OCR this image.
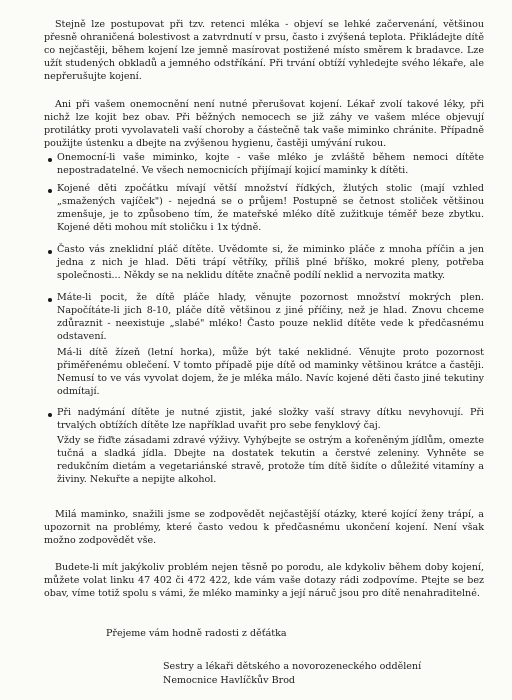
Stejně lze postupovat při tzv. retenci mléka - objeví se lehké začervenání, většinou přesně ohraničená bolestivost a zatvrdnutí v prsu, často i zvýšená teplota. Přikládejte dítě co nejčastěji, během kojení lze jemně masírovat postižené místo směrem k bradavce. Lze užít studených obkladů a jemného odstříkání. Při trvání obtíží vyhledejte svého lékaře, ale nepřerušujte kojení.

Ani při vašem onemocnění není nutné přerušovat kojení. Lékař zvolí takové léky, při nichž lze kojit bez obav. Při běžných nemocech se již záhy ve vašem mléce objevují protilátky proti vyvolavateli vaší choroby a částečně tak vaše miminko chránite. Případně použijte ústenku a dbejte na zvýšenou hygienu, častěji umývání rukou.

Onemocní-li vaše miminko, kojte - vaše mléko je zvláště během nemoci dítěte nepostradatelné. Ve všech nemocnicích přijímají kojicí maminky k dítěti.

Kojené děti zpočátku mívají větší množství řídkých, žlutých stolic (mají vzhled „smažených vajíček") - nejedná se o průjem! Postupně se četnost stoliček většinou zmenšuje, je to způsobeno tím, že mateřské mléko dítě zužitkuje téměř beze zbytku. Kojené děti mohou mít stoličku i 1x týdně.

Často vás zneklidní pláč dítěte. Uvědomte si, že miminko pláče z mnoha příčin a jen jedna z nich je hlad. Děti trápí větříky, příliš plné bříško, mokré pleny, potřeba společnosti... Někdy se na neklidu dítěte značně podílí neklid a nervozita matky.

Máte-li pocit, že dítě pláče hlady, věnujte pozornost množství mokrých plen. Napočítáte-li jich 8-10, pláče dítě většinou z jiné příčiny, než je hlad. Znovu chceme zdůraznit - neexistuje „slabé" mléko! Často pouze neklid dítěte vede k předčasnému odstavení.

Má-li dítě žízeň (letní horka), může být také neklidné. Věnujte proto pozornost přiměřenému oblečení. V tomto případě pije dítě od maminky většinou krátce a častěji. Nemusí to ve vás vyvolat dojem, že je mléka málo. Navíc kojené děti často jiné tekutiny odmítají.

Při nadýmání dítěte je nutné zjistit, jaké složky vaší stravy dítku nevyhovují. Při trvalých obtížích dítěte lze například uvařit pro sebe fenyklový čaj.

Vždy se řiďte zásadami zdravé výživy. Vyhýbejte se ostrým a kořeněným jídlům, omezte tučná a sladká jídla. Dbejte na dostatek tekutin a čerstvé zeleniny. Vyhněte se redukčním dietám a vegetariánské stravě, protože tím dítě šidíte o důležité vitamíny a živiny. Nekuřte a nepijte alkohol.

Milá maminko, snažili jsme se zodpovědět nejčastější otázky, které kojící ženy trápí, a upozornit na problémy, které často vedou k předčasnému ukončení kojení. Není však možno zodpovědět vše.

Budete-li mít jakýkoliv problém nejen těsně po porodu, ale kdykoliv během doby kojení, můžete volat linku 47 402 či 472 422, kde vám vaše dotazy rádi zodpovíme. Ptejte se bez obav, víme totiž spolu s vámi, že mléko maminky a její náruč jsou pro dítě nenahraditelné.

Přejeme vám hodně radosti z děťátka

Sestry a lékaři dětského a novorozeneckého oddělení

Nemocnice Havlíčkův Brod
